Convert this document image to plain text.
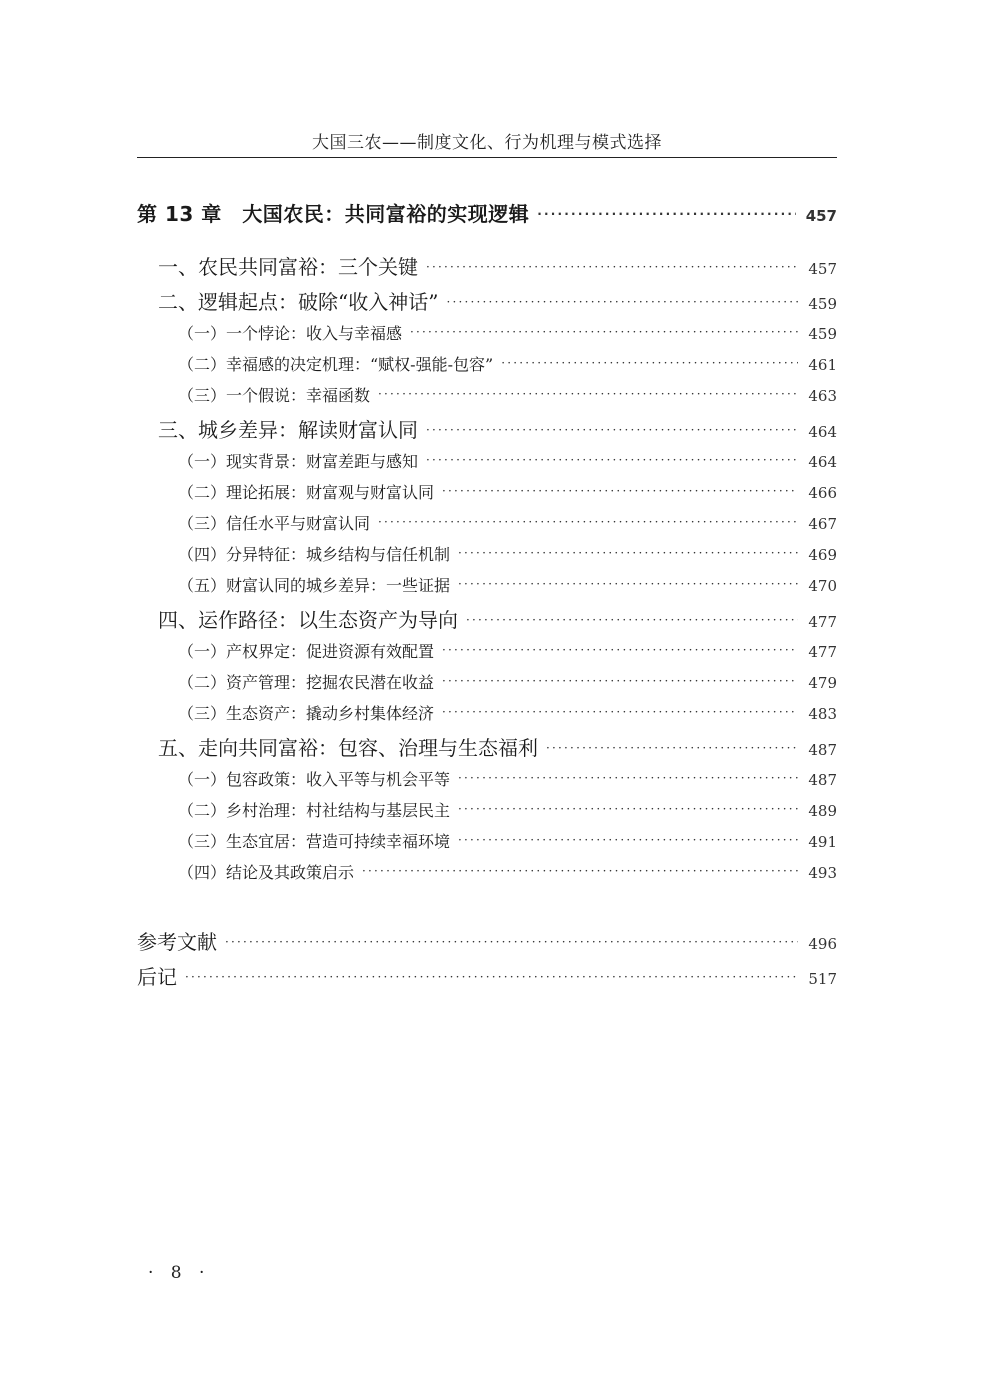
大国三农——制度文化、行为机理与模式选择
第 13 章　大国农民：共同富裕的实现逻辑 ·····	457
一、农民共同富裕：三个关键 ·····	457
二、逻辑起点：破除“收入神话” ·····	459
（一）一个悖论：收入与幸福感 ·····	459
（二）幸福感的决定机理：“赋权-强能-包容” ·····	461
（三）一个假说：幸福函数 ·····	463
三、城乡差异：解读财富认同 ·····	464
（一）现实背景：财富差距与感知 ·····	464
（二）理论拓展：财富观与财富认同 ·····	466
（三）信任水平与财富认同 ·····	467
（四）分异特征：城乡结构与信任机制 ·····	469
（五）财富认同的城乡差异：一些证据 ·····	470
四、运作路径：以生态资产为导向 ·····	477
（一）产权界定：促进资源有效配置 ·····	477
（二）资产管理：挖掘农民潜在收益 ·····	479
（三）生态资产：撬动乡村集体经济 ·····	483
五、走向共同富裕：包容、治理与生态福利 ·····	487
（一）包容政策：收入平等与机会平等 ·····	487
（二）乡村治理：村社结构与基层民主 ·····	489
（三）生态宜居：营造可持续幸福环境 ·····	491
（四）结论及其政策启示 ·····	493
参考文献 ·····	496
后记 ·····	517
· 8 ·
